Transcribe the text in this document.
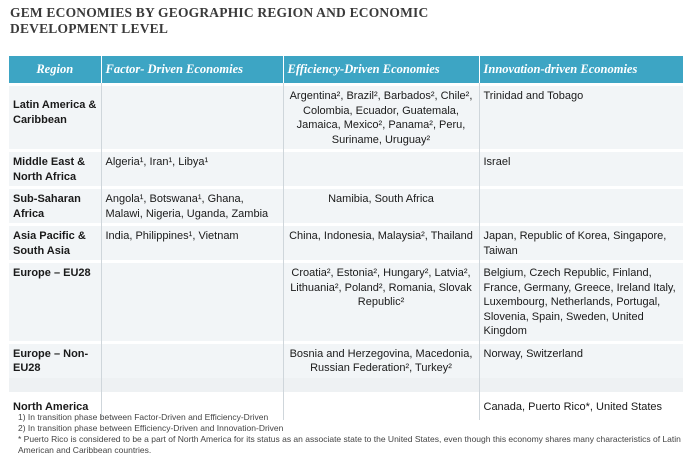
GEM ECONOMIES BY GEOGRAPHIC REGION AND ECONOMIC DEVELOPMENT LEVEL
Region	Factor- Driven Economies	Efficiency-Driven Economies	Innovation-driven Economies

Latin America & Caribbean		Argentina², Brazil², Barbados², Chile², Colombia, Ecuador, Guatemala, Jamaica, Mexico², Panama², Peru, Suriname, Uruguay²	Trinidad and Tobago

Middle East & North Africa	Algeria¹, Iran¹, Libya¹		Israel

Sub-Saharan Africa	Angola¹, Botswana¹, Ghana, Malawi, Nigeria, Uganda, Zambia	Namibia, South Africa	

Asia Pacific & South Asia	India, Philippines¹, Vietnam	China, Indonesia, Malaysia², Thailand	Japan, Republic of Korea, Singapore, Taiwan

Europe – EU28		Croatia², Estonia², Hungary², Latvia², Lithuania², Poland², Romania, Slovak Republic²	Belgium, Czech Republic, Finland, France, Germany, Greece, Ireland Italy, Luxembourg, Netherlands, Portugal, Slovenia, Spain, Sweden, United Kingdom

Europe – Non-EU28		Bosnia and Herzegovina, Macedonia, Russian Federation², Turkey²	Norway, Switzerland

North America			Canada, Puerto Rico*, United States
1) In transition phase between Factor-Driven and Efficiency-Driven
2) In transition phase between Efficiency-Driven and Innovation-Driven
* Puerto Rico is considered to be a part of North America for its status as an associate state to the United States, even though this economy shares many characteristics of Latin American and Caribbean countries.
